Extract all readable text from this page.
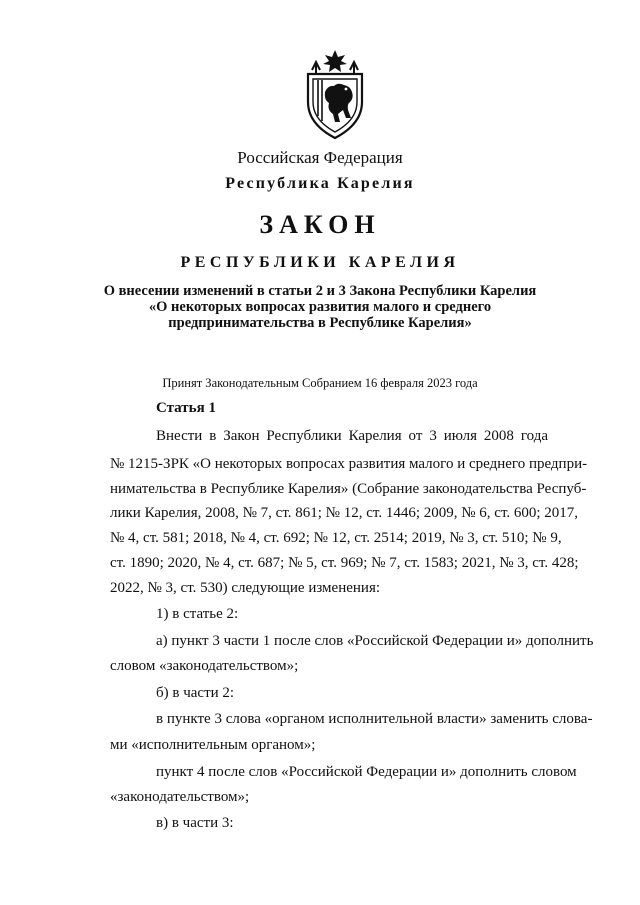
Российская Федерация
Республика Карелия
ЗАКОН
РЕСПУБЛИКИ КАРЕЛИЯ
О внесении изменений в статьи 2 и 3 Закона Республики Карелия
«О некоторых вопросах развития малого и среднего
предпринимательства в Республике Карелия»
Принят Законодательным Собранием 16 февраля 2023 года
Статья 1
Внести в Закон Республики Карелия от 3 июля 2008 года
№ 1215-ЗРК «О некоторых вопросах развития малого и среднего предпри-
нимательства в Республике Карелия» (Собрание законодательства Респуб-
лики Карелия, 2008, № 7, ст. 861; № 12, ст. 1446; 2009, № 6, ст. 600; 2017,
№ 4, ст. 581; 2018, № 4, ст. 692; № 12, ст. 2514; 2019, № 3, ст. 510; № 9,
ст. 1890; 2020, № 4, ст. 687; № 5, ст. 969; № 7, ст. 1583; 2021, № 3, ст. 428;
2022, № 3, ст. 530) следующие изменения:
1) в статье 2:
а) пункт 3 части 1 после слов «Российской Федерации и» дополнить
словом «законодательством»;
б) в части 2:
в пункте 3 слова «органом исполнительной власти» заменить слова-
ми «исполнительным органом»;
пункт 4 после слов «Российской Федерации и» дополнить словом
«законодательством»;
в) в части 3:
